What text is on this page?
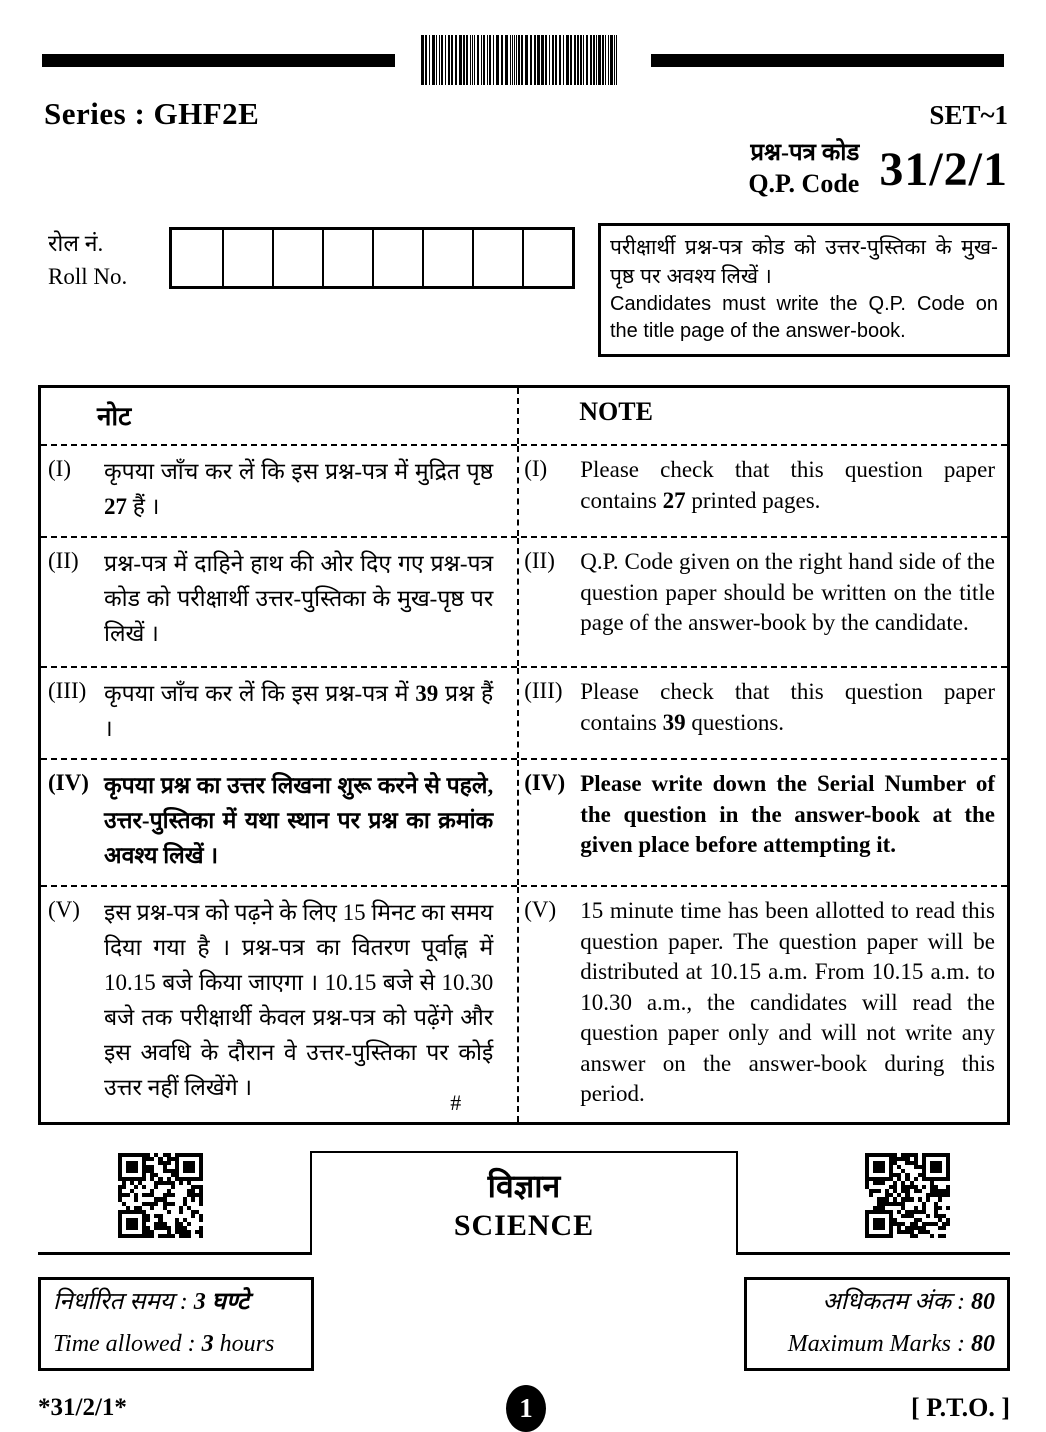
Series : GHF2E	SET~1
प्रश्न-पत्र कोड
Q.P. Code 31/2/1
रोल नं.
Roll No.
परीक्षार्थी प्रश्न-पत्र कोड को उत्तर-पुस्तिका के मुख-पृष्ठ पर अवश्य लिखें ।
Candidates must write the Q.P. Code on the title page of the answer-book.
नोट	NOTE
(I)	कृपया जाँच कर लें कि इस प्रश्न-पत्र में मुद्रित पृष्ठ 27 हैं ।
(I)	Please check that this question paper contains 27 printed pages.
(II)	प्रश्न-पत्र में दाहिने हाथ की ओर दिए गए प्रश्न-पत्र कोड को परीक्षार्थी उत्तर-पुस्तिका के मुख-पृष्ठ पर लिखें ।
(II)	Q.P. Code given on the right hand side of the question paper should be written on the title page of the answer-book by the candidate.
(III) कृपया जाँच कर लें कि इस प्रश्न-पत्र में 39 प्रश्न हैं ।
(III) Please check that this question paper contains 39 questions.
(IV) कृपया प्रश्न का उत्तर लिखना शुरू करने से पहले, उत्तर-पुस्तिका में यथा स्थान पर प्रश्न का क्रमांक अवश्य लिखें ।
(IV) Please write down the Serial Number of the question in the answer-book at the given place before attempting it.
(V)	इस प्रश्न-पत्र को पढ़ने के लिए 15 मिनट का समय दिया गया है । प्रश्न-पत्र का वितरण पूर्वाह्न में 10.15 बजे किया जाएगा । 10.15 बजे से 10.30 बजे तक परीक्षार्थी केवल प्रश्न-पत्र को पढ़ेंगे और इस अवधि के दौरान वे उत्तर-पुस्तिका पर कोई उत्तर नहीं लिखेंगे ।
#
(V)	15 minute time has been allotted to read this question paper. The question paper will be distributed at 10.15 a.m. From 10.15 a.m. to 10.30 a.m., the candidates will read the question paper only and will not write any answer on the answer-book during this period.
विज्ञान
SCIENCE
निर्धारित समय : 3 घण्टे
Time allowed : 3 hours
अधिकतम अंक : 80
Maximum Marks : 80
*31/2/1*	1	[ P.T.O. ]
